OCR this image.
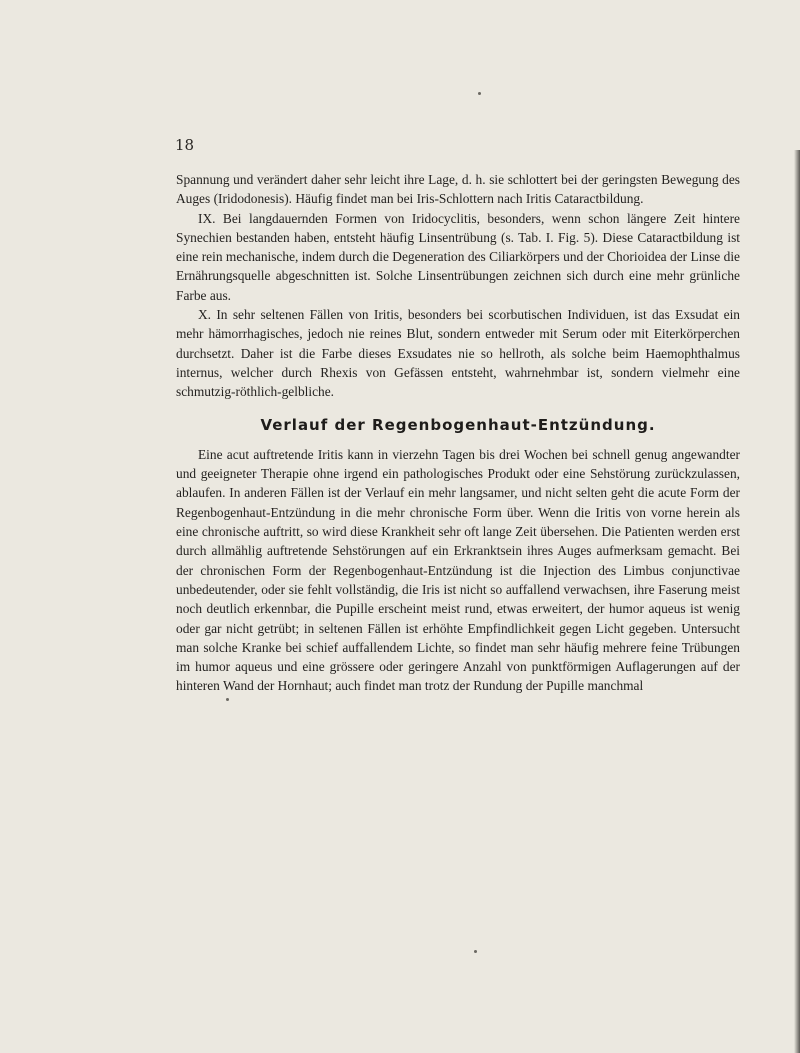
18

Spannung und verändert daher sehr leicht ihre Lage, d. h. sie schlottert bei der geringsten Bewegung des Auges (Iridodonesis). Häufig findet man bei Iris-Schlottern nach Iritis Cataractbildung.

IX. Bei langdauernden Formen von Iridocyclitis, besonders, wenn schon längere Zeit hintere Synechien bestanden haben, entsteht häufig Linsentrübung (s. Tab. I. Fig. 5). Diese Cataractbildung ist eine rein mechanische, indem durch die Degeneration des Ciliarkörpers und der Chorioidea der Linse die Ernährungsquelle abgeschnitten ist. Solche Linsentrübungen zeichnen sich durch eine mehr grünliche Farbe aus.

X. In sehr seltenen Fällen von Iritis, besonders bei scorbutischen Individuen, ist das Exsudat ein mehr hämorrhagisches, jedoch nie reines Blut, sondern entweder mit Serum oder mit Eiterkörperchen durchsetzt. Daher ist die Farbe dieses Exsudates nie so hellroth, als solche beim Haemophthalmus internus, welcher durch Rhexis von Gefässen entsteht, wahrnehmbar ist, sondern vielmehr eine schmutzig-röthlich-gelbliche.

Verlauf der Regenbogenhaut-Entzündung.

Eine acut auftretende Iritis kann in vierzehn Tagen bis drei Wochen bei schnell genug angewandter und geeigneter Therapie ohne irgend ein pathologisches Produkt oder eine Sehstörung zurückzulassen, ablaufen. In anderen Fällen ist der Verlauf ein mehr langsamer, und nicht selten geht die acute Form der Regenbogenhaut-Entzündung in die mehr chronische Form über. Wenn die Iritis von vorne herein als eine chronische auftritt, so wird diese Krankheit sehr oft lange Zeit übersehen. Die Patienten werden erst durch allmählig auftretende Sehstörungen auf ein Erkranktsein ihres Auges aufmerksam gemacht. Bei der chronischen Form der Regenbogenhaut-Entzündung ist die Injection des Limbus conjunctivae unbedeutender, oder sie fehlt vollständig, die Iris ist nicht so auffallend verwachsen, ihre Faserung meist noch deutlich erkennbar, die Pupille erscheint meist rund, etwas erweitert, der humor aqueus ist wenig oder gar nicht getrübt; in seltenen Fällen ist erhöhte Empfindlichkeit gegen Licht gegeben. Untersucht man solche Kranke bei schief auffallendem Lichte, so findet man sehr häufig mehrere feine Trübungen im humor aqueus und eine grössere oder geringere Anzahl von punktförmigen Auflagerungen auf der hinteren Wand der Hornhaut; auch findet man trotz der Rundung der Pupille manchmal
